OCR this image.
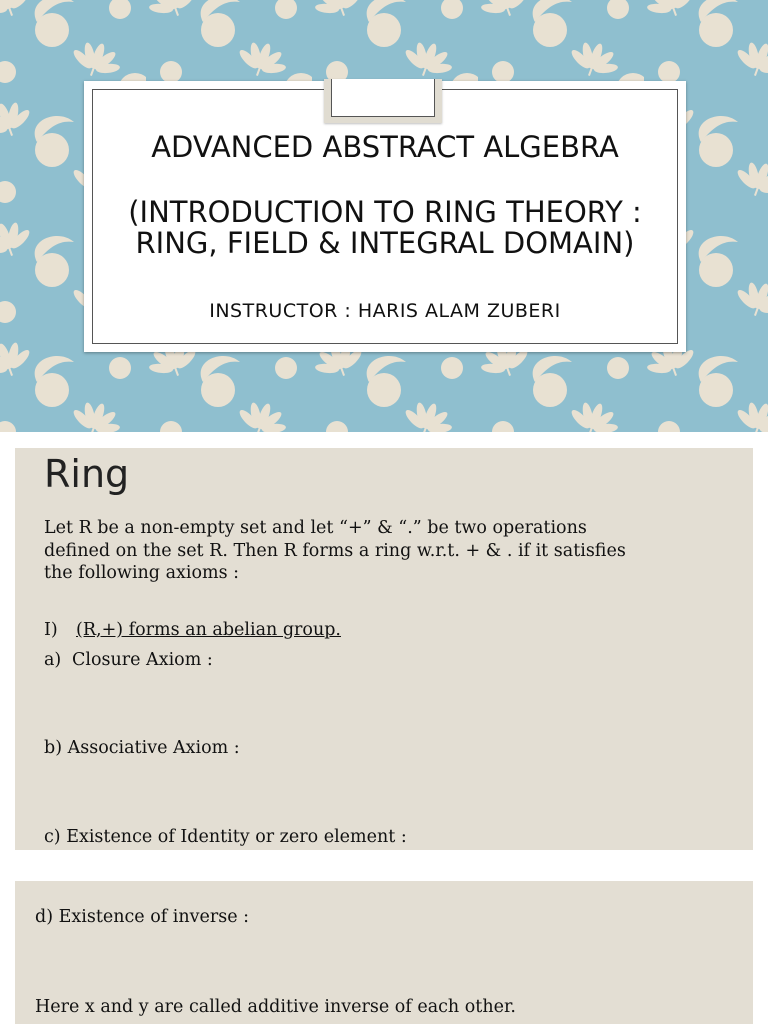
ADVANCED ABSTRACT ALGEBRA
(INTRODUCTION TO RING THEORY :
RING, FIELD & INTEGRAL DOMAIN)
INSTRUCTOR : HARIS ALAM ZUBERI
Ring
Let R be a non-empty set and let “+” & “.” be two operations
defined on the set R. Then R forms a ring w.r.t. + & . if it satisfies
the following axioms :
I) (R,+) forms an abelian group.
a) Closure Axiom :
b) Associative Axiom :
c) Existence of Identity or zero element :
d) Existence of inverse :
Here x and y are called additive inverse of each other.
